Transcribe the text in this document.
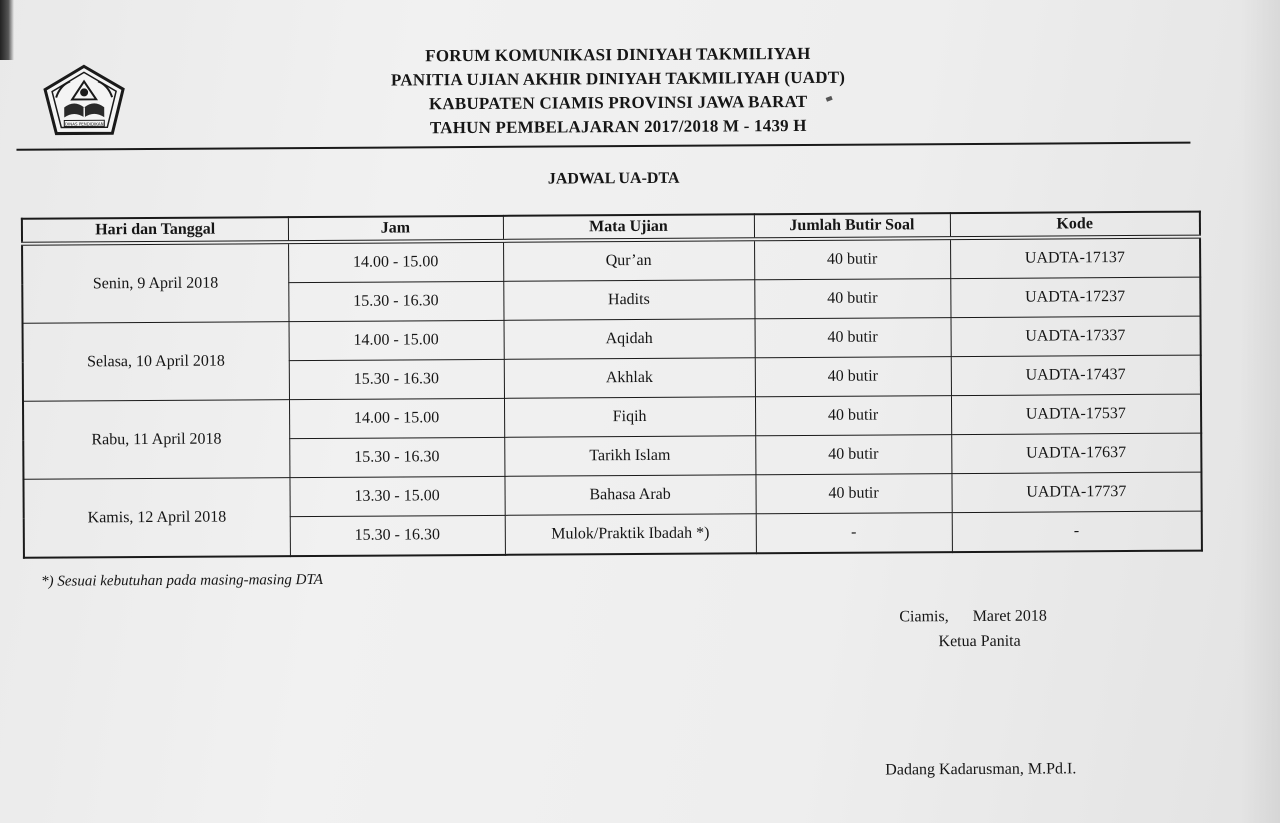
DINAS PENDIDIKAN
FORUM KOMUNIKASI DINIYAH TAKMILIYAH
PANITIA UJIAN AKHIR DINIYAH TAKMILIYAH (UADT)
KABUPATEN CIAMIS PROVINSI JAWA BARAT
TAHUN PEMBELAJARAN 2017/2018 M - 1439 H
JADWAL UA-DTA
Hari dan Tanggal	Jam	Mata Ujian	Jumlah Butir Soal	Kode
Senin, 9 April 2018	14.00 - 15.00	Qur’an	40 butir	UADTA-17137
	15.30 - 16.30	Hadits	40 butir	UADTA-17237
Selasa, 10 April 2018	14.00 - 15.00	Aqidah	40 butir	UADTA-17337
	15.30 - 16.30	Akhlak	40 butir	UADTA-17437
Rabu, 11 April 2018	14.00 - 15.00	Fiqih	40 butir	UADTA-17537
	15.30 - 16.30	Tarikh Islam	40 butir	UADTA-17637
Kamis, 12 April 2018	13.30 - 15.00	Bahasa Arab	40 butir	UADTA-17737
	15.30 - 16.30	Mulok/Praktik Ibadah *)	-	-
*) Sesuai kebutuhan pada masing-masing DTA
Ciamis,      Maret 2018
Ketua Panita
Dadang Kadarusman, M.Pd.I.
